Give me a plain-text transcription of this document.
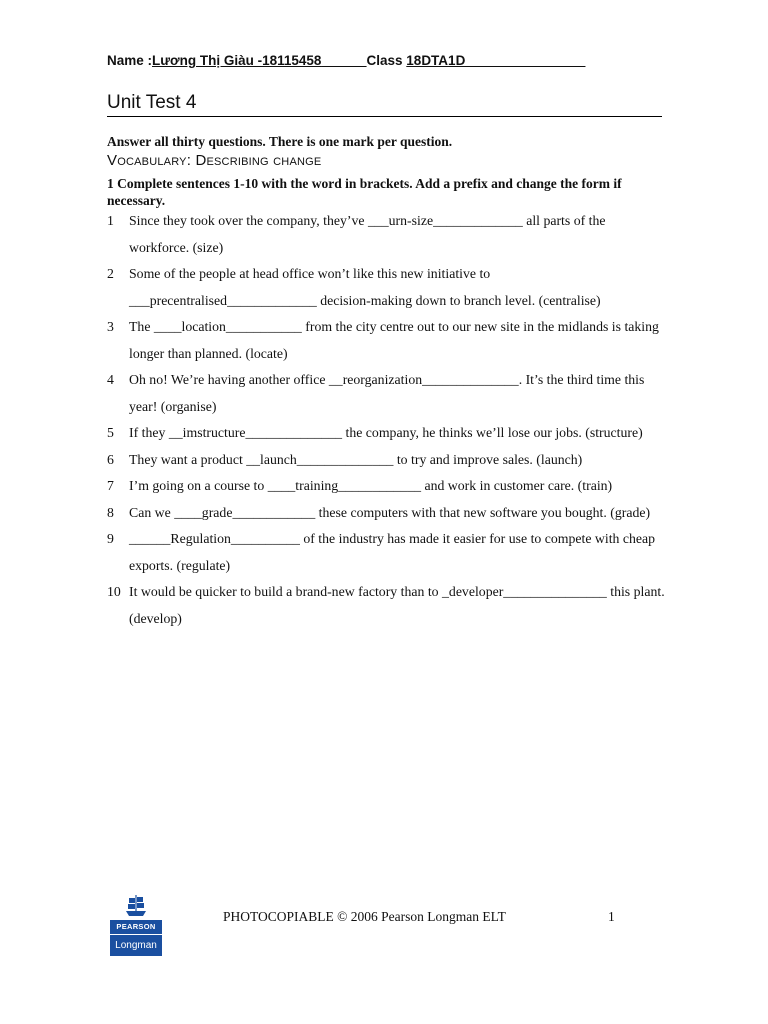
Name :Lương Thị Giàu -18115458______Class 18DTA1D________________
Unit Test 4
Answer all thirty questions. There is one mark per question.
Vocabulary: Describing change
1 Complete sentences 1-10 with the word in brackets. Add a prefix and change the form if necessary.
1	Since they took over the company, they’ve ___urn-size_____________ all parts of the workforce. (size)
2	Some of the people at head office won’t like this new initiative to ___precentralised_____________ decision-making down to branch level. (centralise)
3	The ____location___________ from the city centre out to our new site in the midlands is taking longer than planned. (locate)
4	Oh no! We’re having another office __reorganization______________. It’s the third time this year! (organise)
5	If they __imstructure______________ the company, he thinks we’ll lose our jobs. (structure)
6	They want a product __launch______________ to try and improve sales. (launch)
7	I’m going on a course to ____training____________ and work in customer care. (train)
8	Can we ____grade____________ these computers with that new software you bought. (grade)
9	______Regulation__________ of the industry has made it easier for use to compete with cheap exports. (regulate)
10 It would be quicker to build a brand-new factory than to _developer_______________ this plant. (develop)
PEARSON
Longman
PHOTOCOPIABLE © 2006 Pearson Longman ELT	1
